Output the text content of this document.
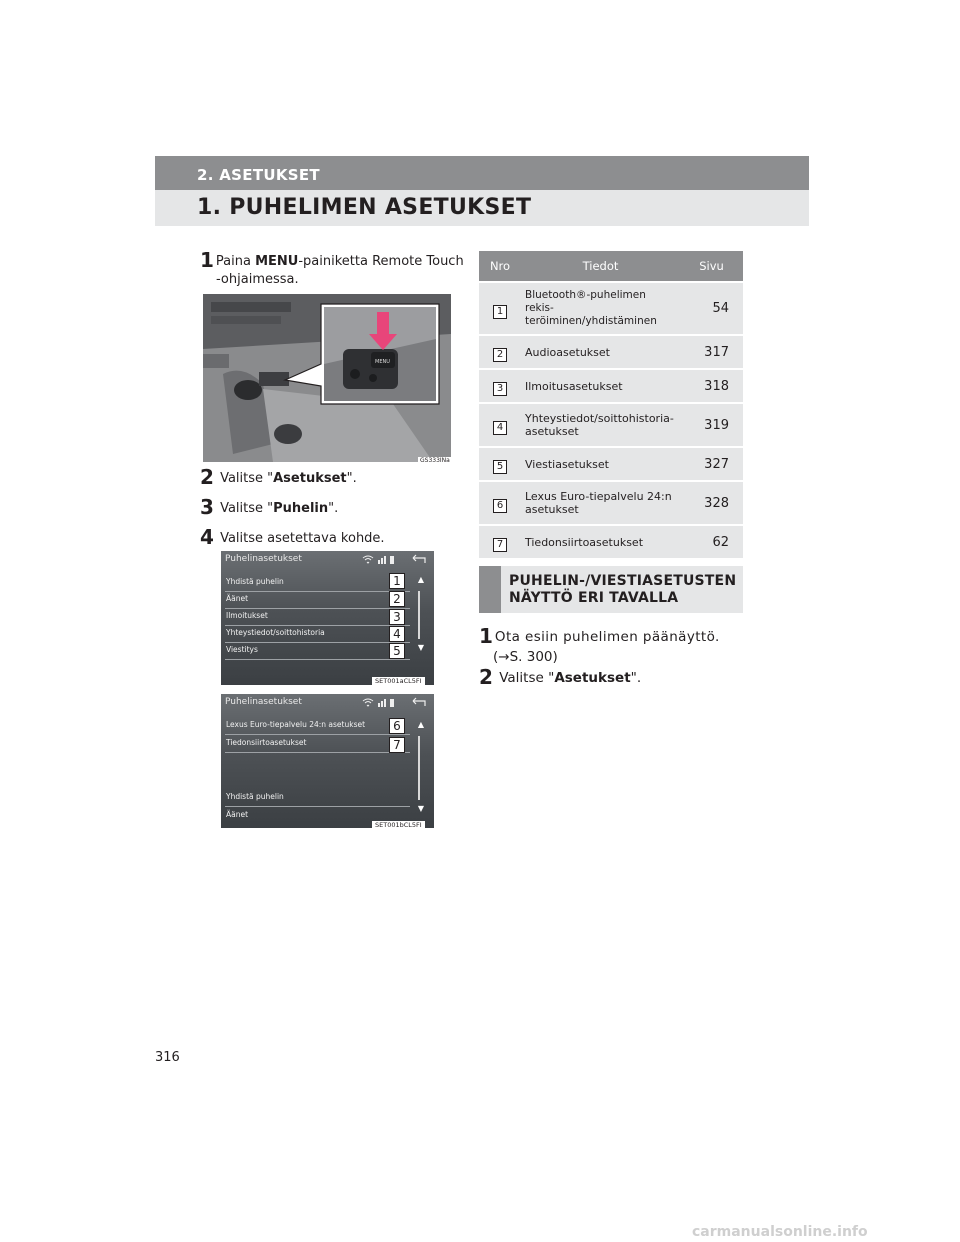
2. ASETUKSET
1. PUHELIMEN ASETUKSET
1 Paina MENU-painiketta Remote Touch
-ohjaimessa.
MENU
GS333INa
2 Valitse "Asetukset".
3 Valitse "Puhelin".
4 Valitse asetettava kohde.
Puhelinasetukset
Yhdistä puhelin
Äänet
Ilmoitukset
Yhteystiedot/soittohistoria
Viestitys
1
2
3
4
5
▲
▼
SET001aCL5FI
Puhelinasetukset
Lexus Euro-tiepalvelu 24:n asetukset
Tiedonsiirtoasetukset
Yhdistä puhelin
Äänet
6
7
▲
▼
SET001bCL5FI
Nro	Tiedot	Sivu
1	Bluetooth®-puhelimen rekis-teröiminen/yhdistäminen	54
2	Audioasetukset	317
3	Ilmoitusasetukset	318
4	Yhteystiedot/soittohistoria-asetukset	319
5	Viestiasetukset	327
6	Lexus Euro-tiepalvelu 24:n asetukset	328
7	Tiedonsiirtoasetukset	62
PUHELIN-/VIESTIASETUSTEN
NÄYTTÖ ERI TAVALLA
1 Ota esiin puhelimen päänäyttö.
(→S. 300)
2 Valitse "Asetukset".
316
carmanualsonline.info
